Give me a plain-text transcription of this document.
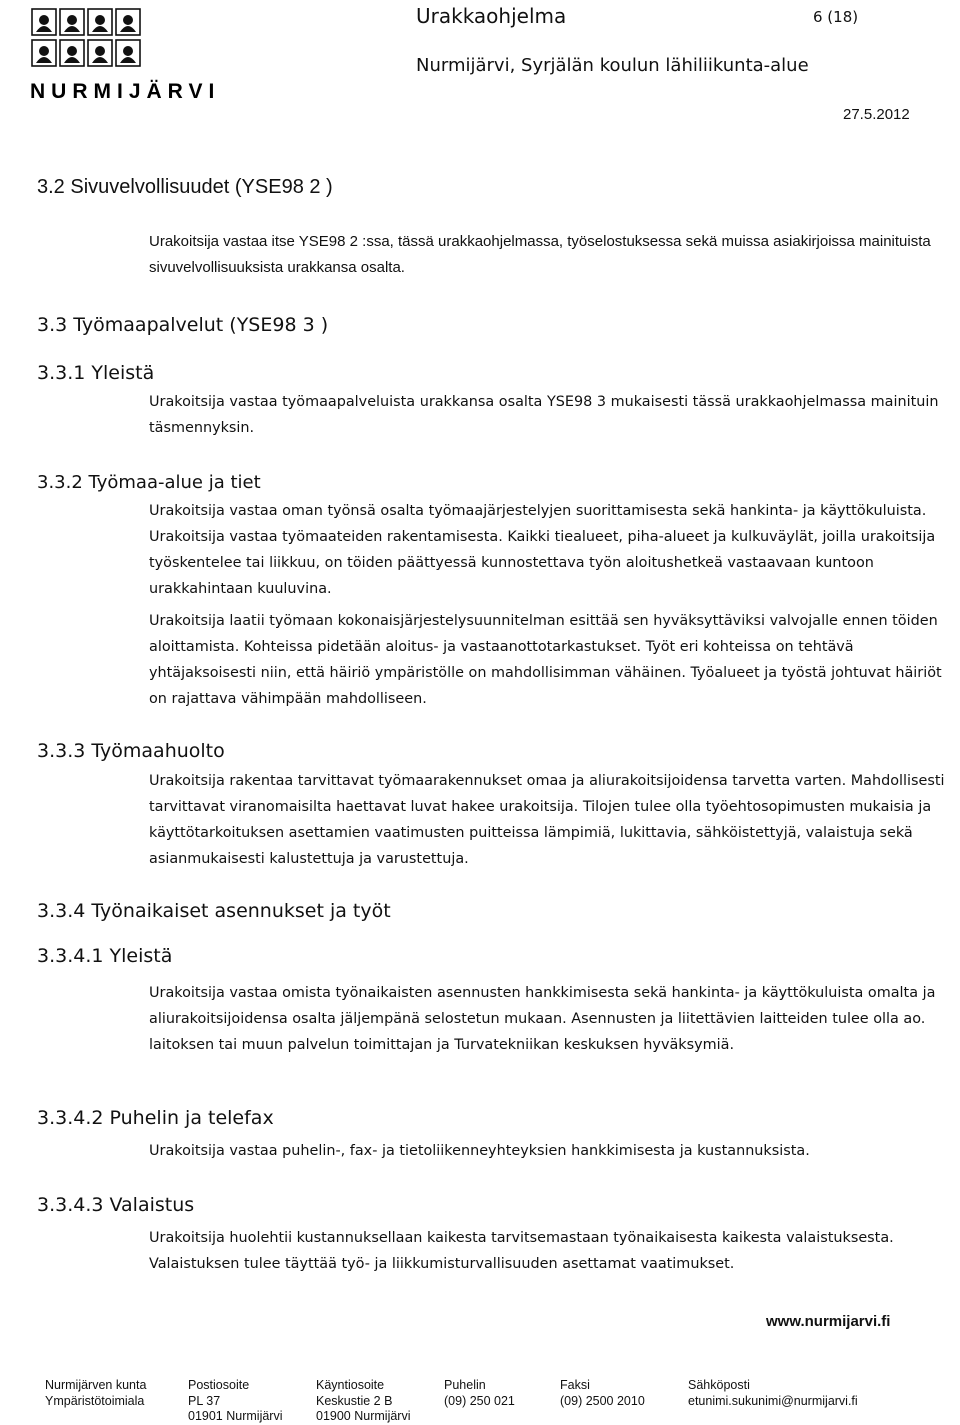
NURMIJÄRVI
Urakkaohjelma	6 (18)
Nurmijärvi, Syrjälän koulun lähiliikunta-alue
27.5.2012
3.2 Sivuvelvollisuudet (YSE98 2 )

Urakoitsija vastaa itse YSE98 2 :ssa, tässä urakkaohjelmassa, työselostuksessa sekä muissa asiakirjoissa mainituista sivuvelvollisuuksista urakkansa osalta.

3.3 Työmaapalvelut (YSE98 3 )
3.3.1 Yleistä

Urakoitsija vastaa työmaapalveluista urakkansa osalta YSE98 3 mukaisesti tässä urakkaohjelmassa mainituin täsmennyksin.

3.3.2 Työmaa-alue ja tiet

Urakoitsija vastaa oman työnsä osalta työmaajärjestelyjen suorittamisesta sekä hankinta- ja käyttökuluista. Urakoitsija vastaa työmaateiden rakentamisesta. Kaikki tiealueet, piha-alueet ja kulkuväylät, joilla urakoitsija työskentelee tai liikkuu, on töiden päättyessä kunnostettava työn aloitushetkeä vastaavaan kuntoon urakkahintaan kuuluvina.

Urakoitsija laatii työmaan kokonaisjärjestelysuunnitelman esittää sen hyväksyttäviksi valvojalle ennen töiden aloittamista. Kohteissa pidetään aloitus- ja vastaanottotarkastukset. Työt eri kohteissa on tehtävä yhtäjaksoisesti niin, että häiriö ympäristölle on mahdollisimman vähäinen. Työalueet ja työstä johtuvat häiriöt on rajattava vähimpään mahdolliseen.

3.3.3 Työmaahuolto

Urakoitsija rakentaa tarvittavat työmaarakennukset omaa ja aliurakoitsijoidensa tarvetta varten. Mahdollisesti tarvittavat viranomaisilta haettavat luvat hakee urakoitsija. Tilojen tulee olla työehtosopimusten mukaisia ja käyttötarkoituksen asettamien vaatimusten puitteissa lämpimiä, lukittavia, sähköistettyjä, valaistuja sekä asianmukaisesti kalustettuja ja varustettuja.

3.3.4 Työnaikaiset asennukset ja työt
3.3.4.1 Yleistä

Urakoitsija vastaa omista työnaikaisten asennusten hankkimisesta sekä hankinta- ja käyttökuluista omalta ja aliurakoitsijoidensa osalta jäljempänä selostetun mukaan. Asennusten ja liitettävien laitteiden tulee olla ao. laitoksen tai muun palvelun toimittajan ja Turvatekniikan keskuksen hyväksymiä.

3.3.4.2 Puhelin ja telefax

Urakoitsija vastaa puhelin-, fax- ja tietoliikenneyhteyksien hankkimisesta ja kustannuksista.

3.3.4.3 Valaistus

Urakoitsija huolehtii kustannuksellaan kaikesta tarvitsemastaan työnaikaisesta kaikesta valaistuksesta. Valaistuksen tulee täyttää työ- ja liikkumisturvallisuuden asettamat vaatimukset.

www.nurmijarvi.fi
Nurmijärven kunta
Ympäristötoimiala
Postiosoite
PL 37
01901 Nurmijärvi
Käyntiosoite
Keskustie 2 B
01900 Nurmijärvi
Puhelin
(09) 250 021
Faksi
(09) 2500 2010
Sähköposti
etunimi.sukunimi@nurmijarvi.fi
